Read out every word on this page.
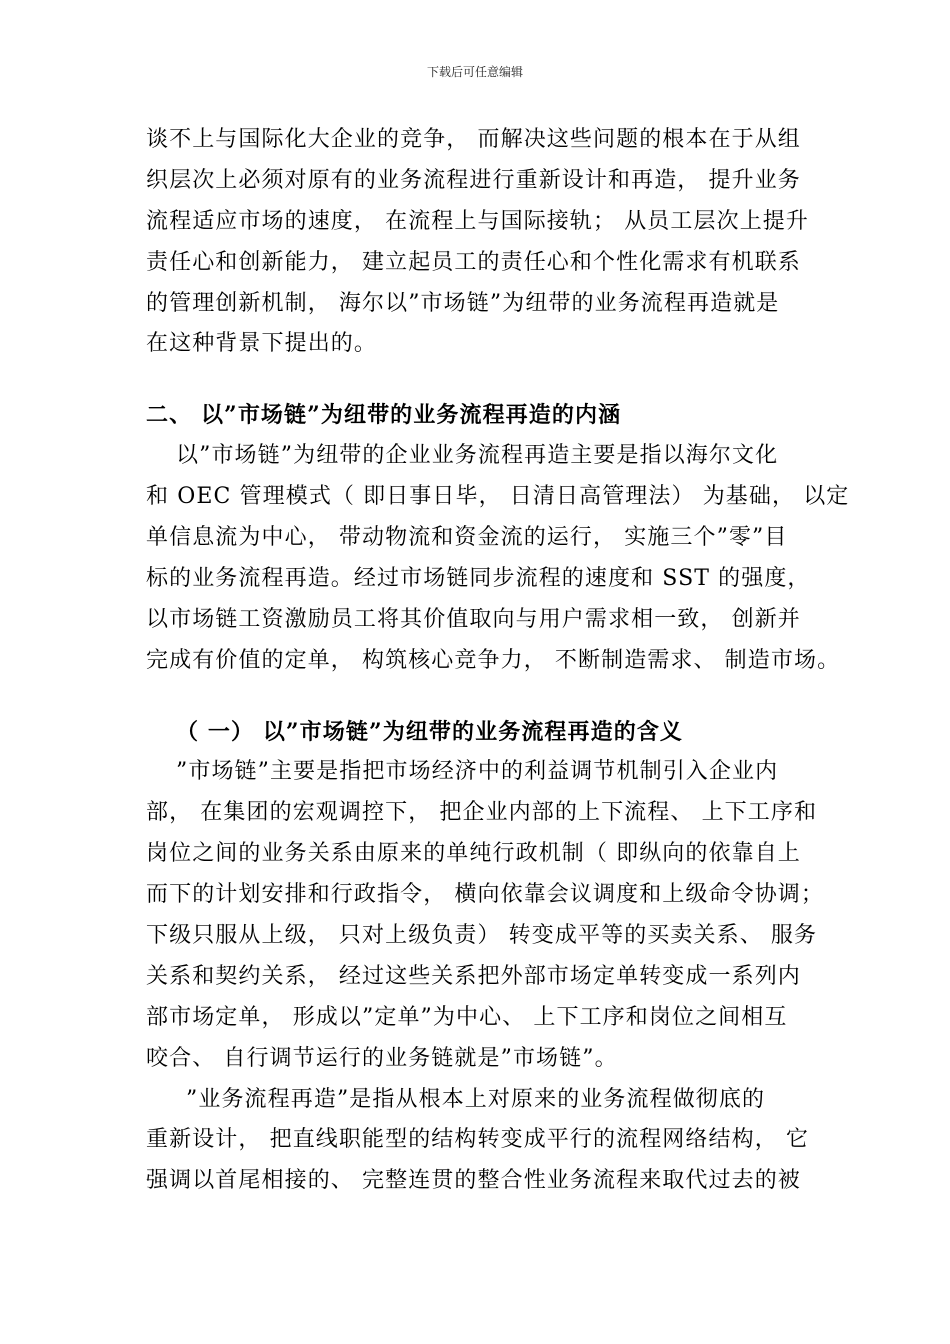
下载后可任意编辑
谈不上与国际化大企业的竞争， 而解决这些问题的根本在于从组
织层次上必须对原有的业务流程进行重新设计和再造， 提升业务
流程适应市场的速度， 在流程上与国际接轨； 从员工层次上提升
责任心和创新能力， 建立起员工的责任心和个性化需求有机联系
的管理创新机制， 海尔以”市场链”为纽带的业务流程再造就是
在这种背景下提出的。
二、 以”市场链”为纽带的业务流程再造的内涵
以”市场链”为纽带的企业业务流程再造主要是指以海尔文化
和 OEC 管理模式（ 即日事日毕， 日清日高管理法） 为基础， 以定
单信息流为中心， 带动物流和资金流的运行， 实施三个”零”目
标的业务流程再造。经过市场链同步流程的速度和 SST 的强度，
以市场链工资激励员工将其价值取向与用户需求相一致， 创新并
完成有价值的定单， 构筑核心竞争力， 不断制造需求、 制造市场。
（ 一） 以”市场链”为纽带的业务流程再造的含义
”市场链”主要是指把市场经济中的利益调节机制引入企业内
部， 在集团的宏观调控下， 把企业内部的上下流程、 上下工序和
岗位之间的业务关系由原来的单纯行政机制（ 即纵向的依靠自上
而下的计划安排和行政指令， 横向依靠会议调度和上级命令协调；
下级只服从上级， 只对上级负责） 转变成平等的买卖关系、 服务
关系和契约关系， 经过这些关系把外部市场定单转变成一系列内
部市场定单， 形成以”定单”为中心、 上下工序和岗位之间相互
咬合、 自行调节运行的业务链就是”市场链”。
”业务流程再造”是指从根本上对原来的业务流程做彻底的
重新设计， 把直线职能型的结构转变成平行的流程网络结构， 它
强调以首尾相接的、 完整连贯的整合性业务流程来取代过去的被
